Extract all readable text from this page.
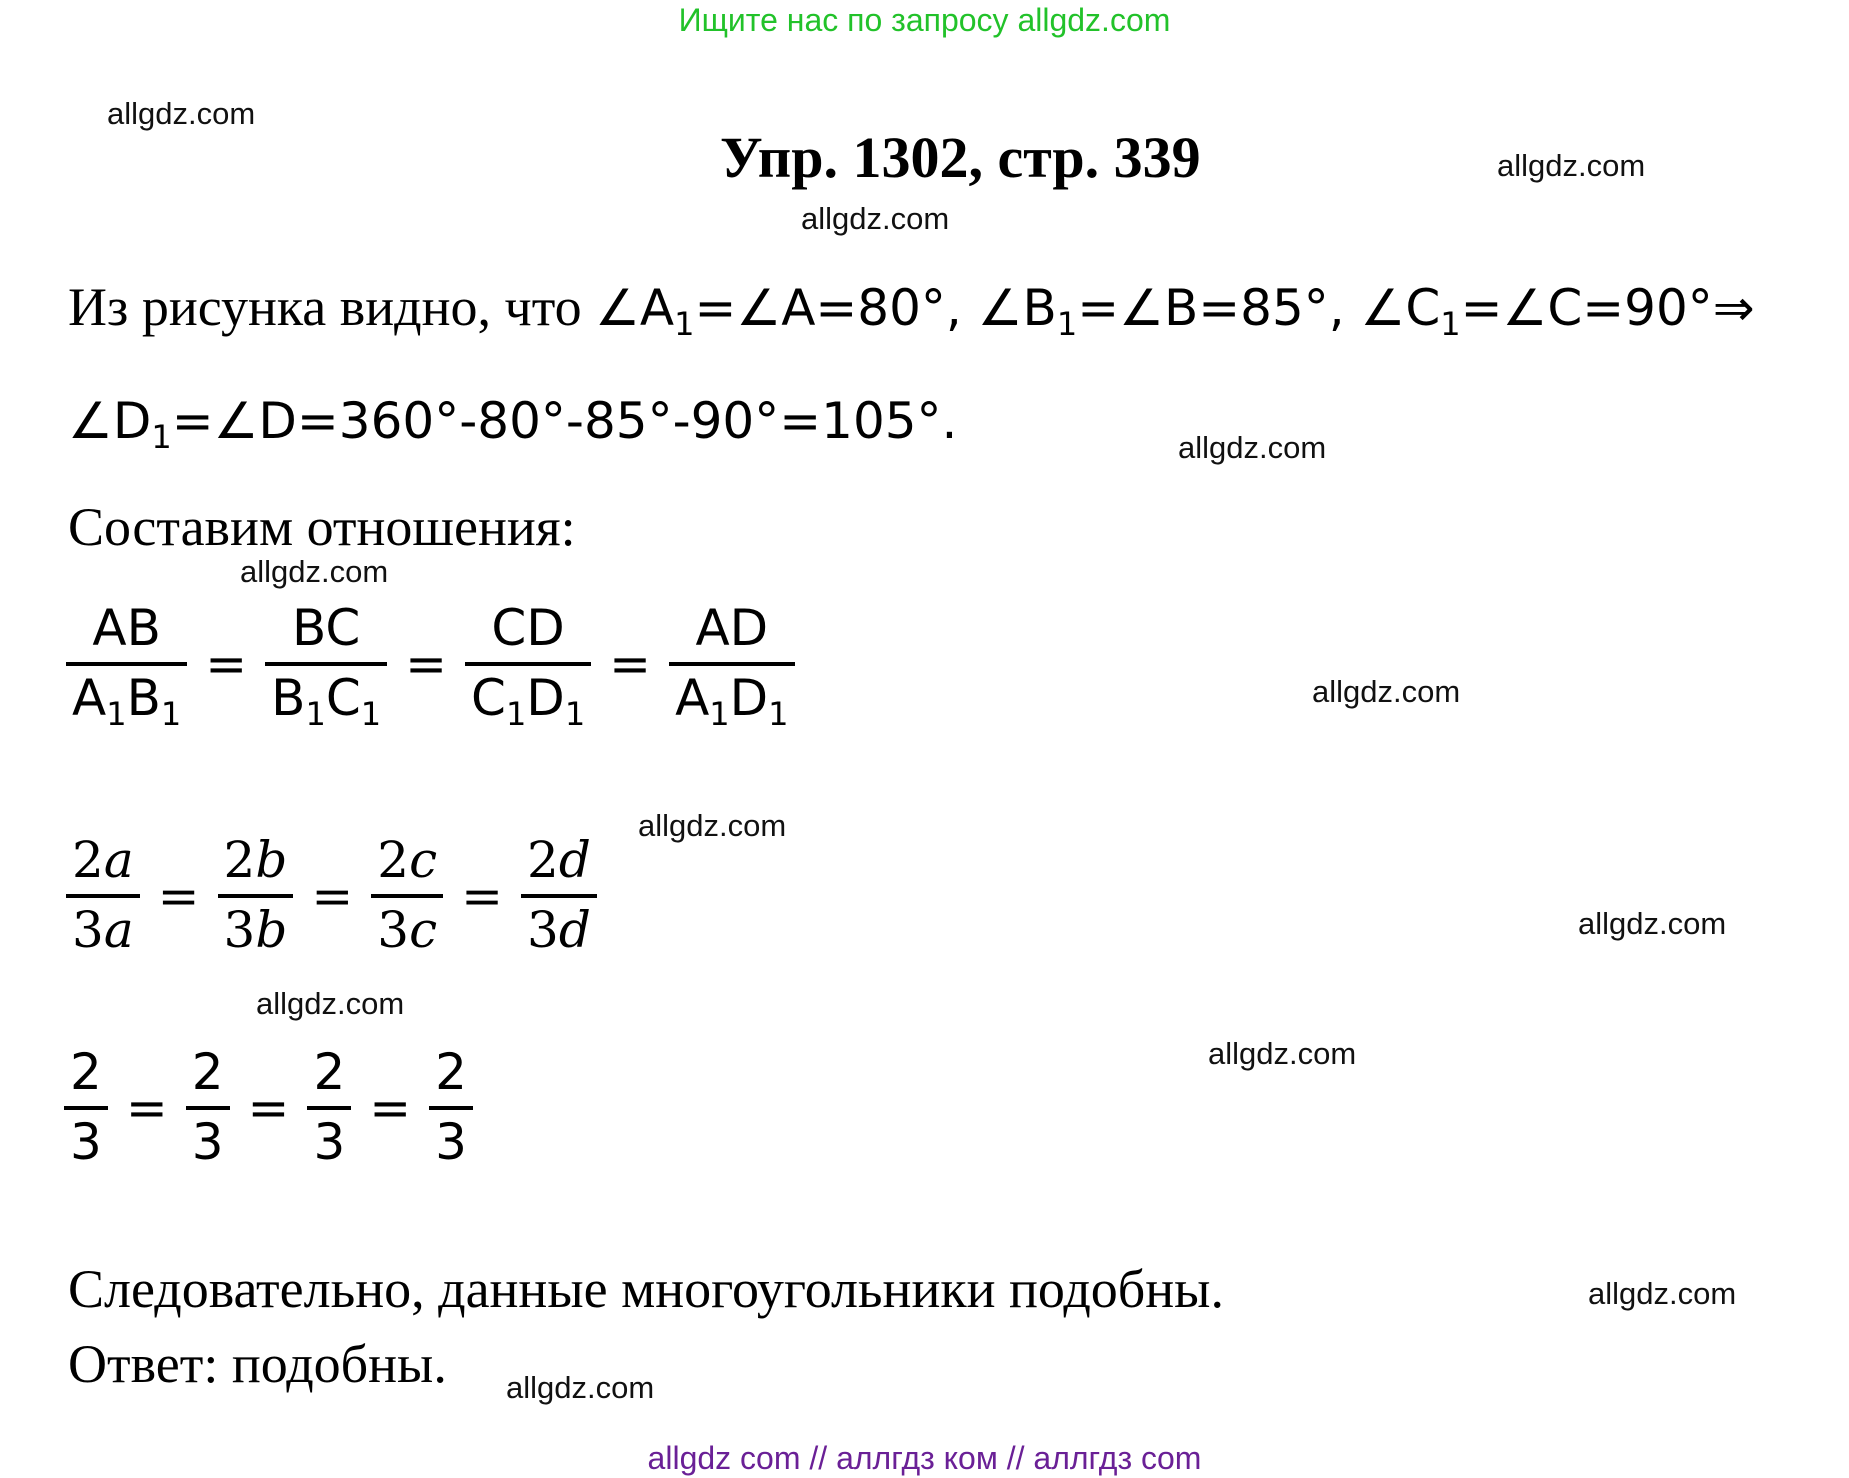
Ищите нас по запросу allgdz.com
allgdz.com
Упр. 1302, стр. 339	allgdz.com
allgdz.com
Из рисунка видно, что $\angle A_1=\angle A=80^\circ$, $\angle B_1=\angle B=85^\circ$, $\angle C_1=\angle C=90^\circ\Rightarrow$
$\angle D_1=\angle D=360^\circ-80^\circ-85^\circ-90^\circ=105^\circ$.	allgdz.com
Составим отношения:
allgdz.com
$\frac{AB}{A_1B_1} = \frac{BC}{B_1C_1} = \frac{CD}{C_1D_1} = \frac{AD}{A_1D_1}$	allgdz.com
allgdz.com
$\frac{2a}{3a} = \frac{2b}{3b} = \frac{2c}{3c} = \frac{2d}{3d}$	allgdz.com
allgdz.com
allgdz.com
$\frac{2}{3} = \frac{2}{3} = \frac{2}{3} = \frac{2}{3}$
Следовательно, данные многоугольники подобны.	allgdz.com
Ответ: подобны. allgdz.com
allgdz com // аллгдз ком // аллгдз com
